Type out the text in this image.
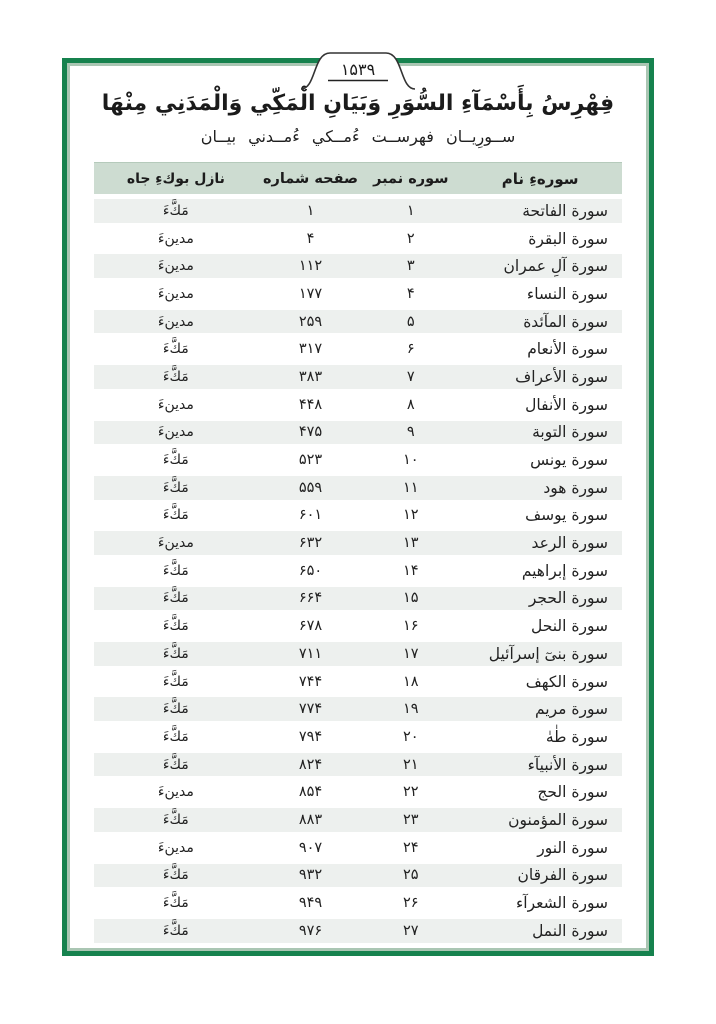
۱۵۳۹
فِهْرِسُ بِأَسْمَآءِ السُّوَرِ وَبَيَانِ الْمَكِّي وَالْمَدَنِي مِنْهَا
ســورِيــان فهرســت ءُمــكي ءُمــدني بيــان
سورهءِ نام
سوره نمبر
صفحه شماره
نازل بوكءِ جاه
سورة الفاتحة
۱
۱
مَكَّءَ
سورة البقرة
۲
۴
مدينءَ
سورة آلِ عمران
۳
۱۱۲
مدينءَ
سورة النساء
۴
۱۷۷
مدينءَ
سورة المآئدة
۵
۲۵۹
مدينءَ
سورة الأنعام
۶
۳۱۷
مَكَّءَ
سورة الأعراف
۷
۳۸۳
مَكَّءَ
سورة الأنفال
۸
۴۴۸
مدينءَ
سورة التوبة
۹
۴۷۵
مدينءَ
سورة يونس
۱۰
۵۲۳
مَكَّءَ
سورة هود
۱۱
۵۵۹
مَكَّءَ
سورة يوسف
۱۲
۶۰۱
مَكَّءَ
سورة الرعد
۱۳
۶۳۲
مدينءَ
سورة إبراهيم
۱۴
۶۵۰
مَكَّءَ
سورة الحجر
۱۵
۶۶۴
مَكَّءَ
سورة النحل
۱۶
۶۷۸
مَكَّءَ
سورة بنىٓ إسرآئيل
۱۷
۷۱۱
مَكَّءَ
سورة الكهف
۱۸
۷۴۴
مَكَّءَ
سورة مريم
۱۹
۷۷۴
مَكَّءَ
سورة طٰهٰ
۲۰
۷۹۴
مَكَّءَ
سورة الأنبيآء
۲۱
۸۲۴
مَكَّءَ
سورة الحج
۲۲
۸۵۴
مدينءَ
سورة المؤمنون
۲۳
۸۸۳
مَكَّءَ
سورة النور
۲۴
۹۰۷
مدينءَ
سورة الفرقان
۲۵
۹۳۲
مَكَّءَ
سورة الشعرآء
۲۶
۹۴۹
مَكَّءَ
سورة النمل
۲۷
۹۷۶
مَكَّءَ
